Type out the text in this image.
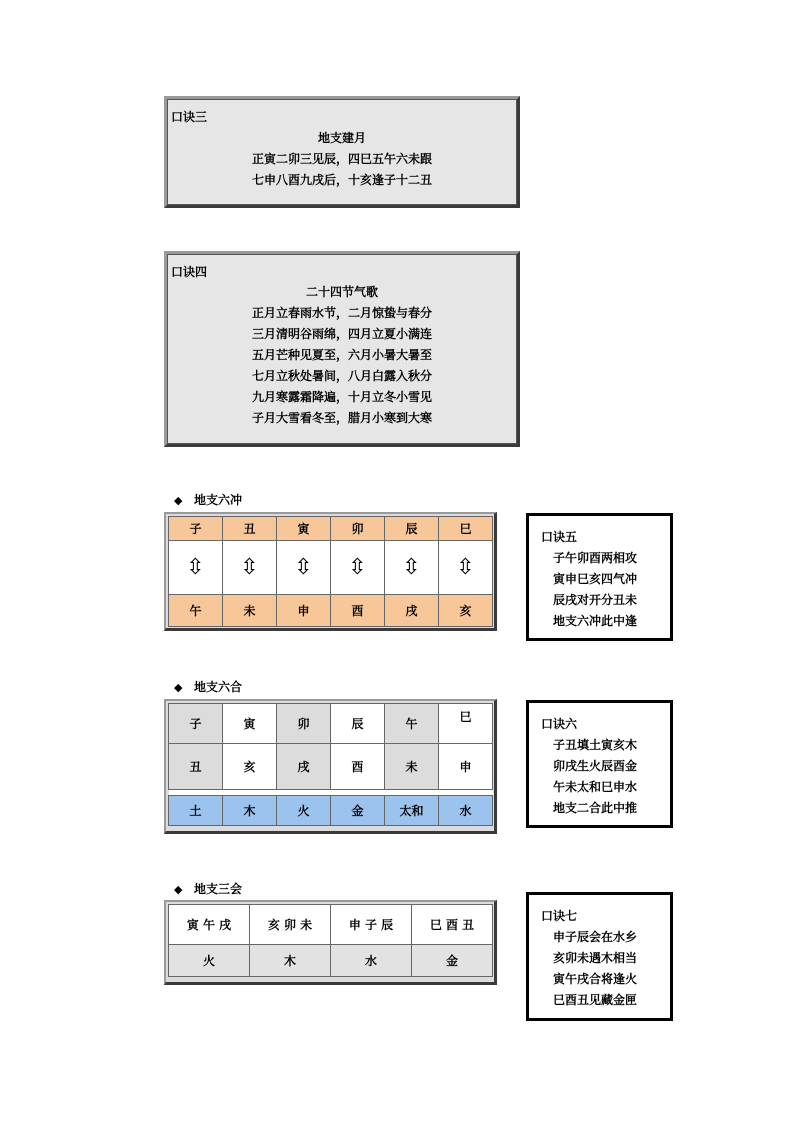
口诀三
地支建月
正寅二卯三见辰，四巳五午六未跟
七申八酉九戌后，十亥逢子十二丑
口诀四
二十四节气歌
正月立春雨水节，二月惊蛰与春分
三月清明谷雨绵，四月立夏小满连
五月芒种见夏至，六月小暑大暑至
七月立秋处暑间，八月白露入秋分
九月寒露霜降遍，十月立冬小雪见
子月大雪看冬至，腊月小寒到大寒
◆ 地支六冲
子	丑	寅	卯	辰	巳
⇳	⇳	⇳	⇳	⇳	⇳
午	未	申	酉	戌	亥
口诀五
子午卯酉两相攻
寅申巳亥四气冲
辰戌对开分丑未
地支六冲此中逢
◆ 地支六合
子	寅	卯	辰	午	巳
丑	亥	戌	酉	未	申

土	木	火	金	太和	水
口诀六
子丑填土寅亥木
卯戌生火辰酉金
午未太和巳申水
地支二合此中推
◆ 地支三会
寅 午 戌	亥 卯 未	申 子 辰	巳 酉 丑
火	木	水	金
口诀七
申子辰会在水乡
亥卯未遇木相当
寅午戌合将逢火
巳酉丑见藏金匣
